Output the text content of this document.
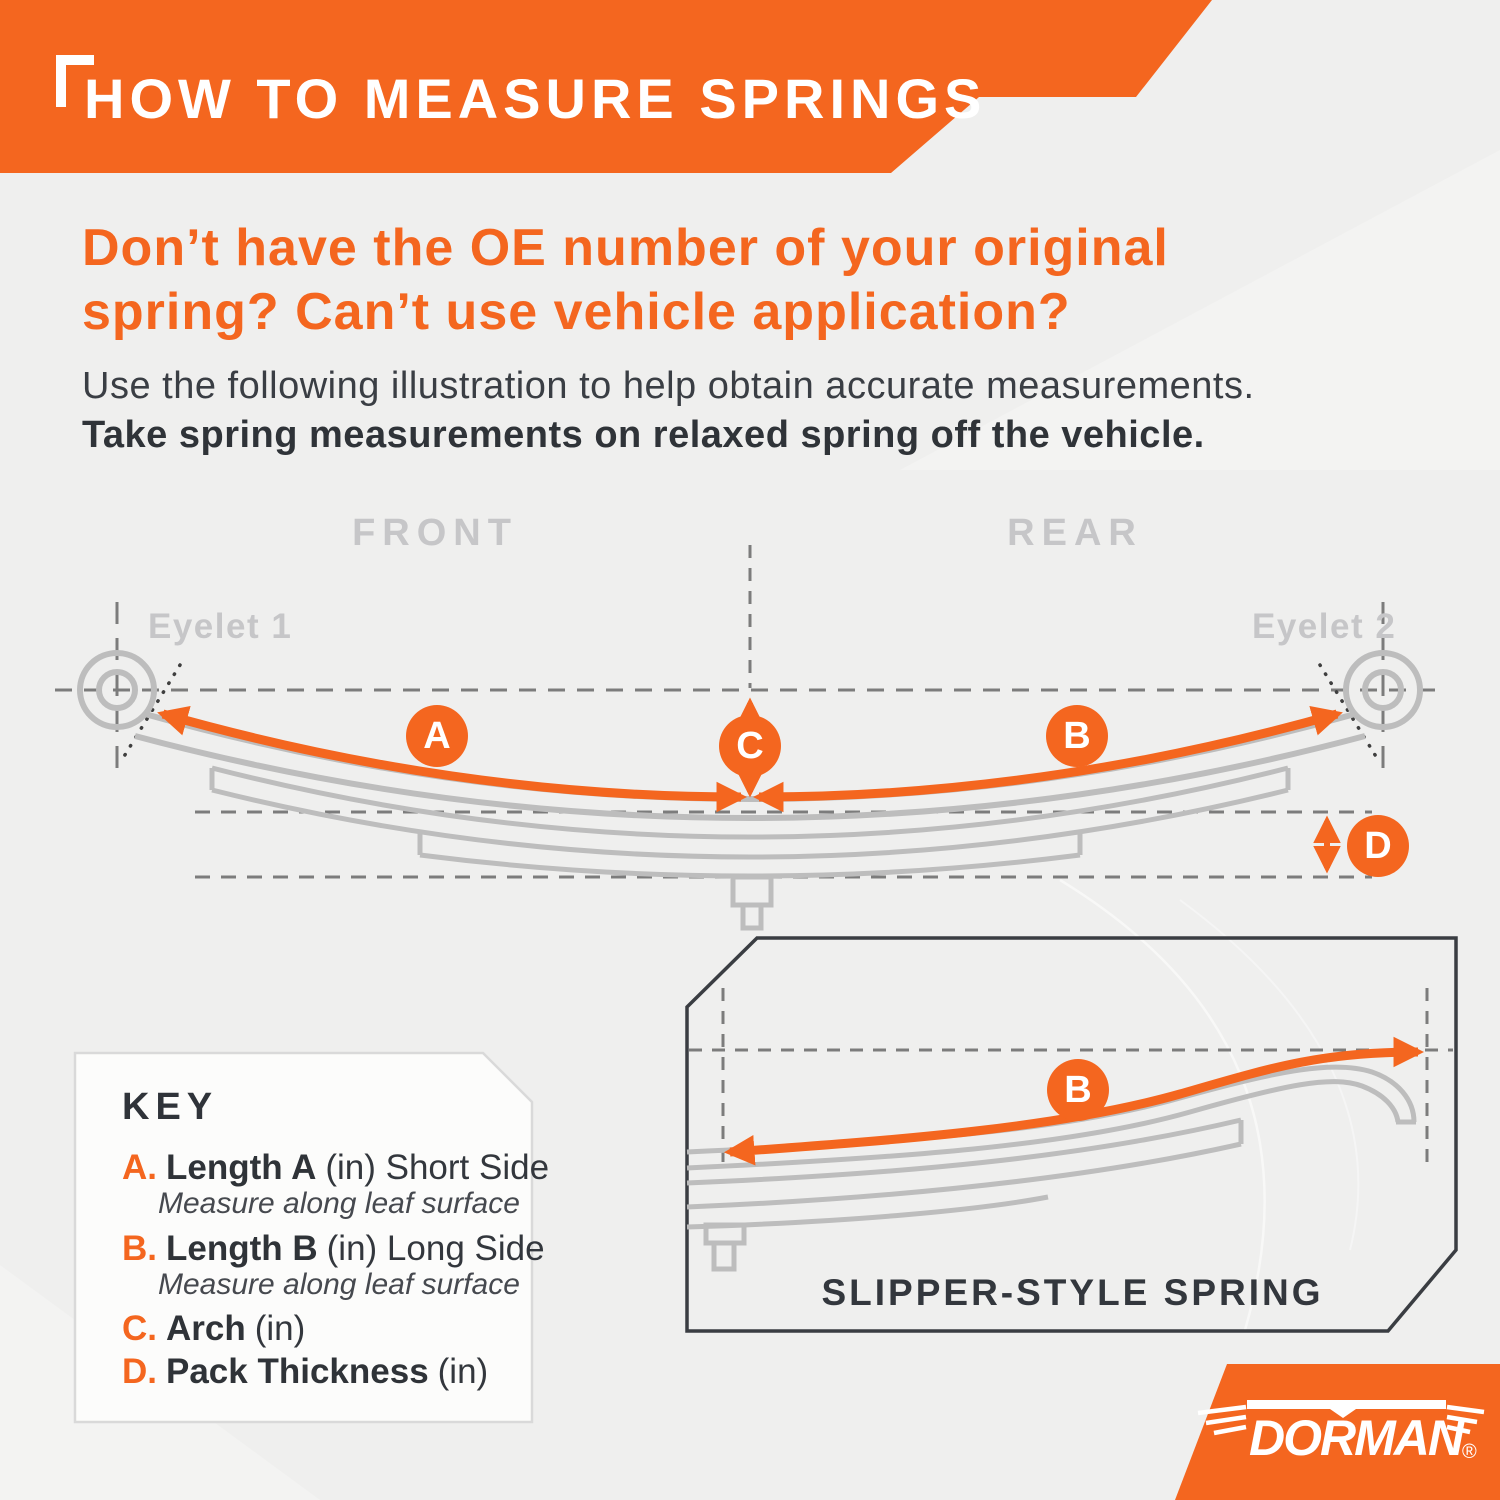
DORMAN ®
HOW TO MEASURE SPRINGS
Don’t have the OE number of your original
spring? Can’t use vehicle application?
Use the following illustration to help obtain accurate measurements.
Take spring measurements on relaxed spring off the vehicle.
FRONT	REAR
Eyelet 1	Eyelet 2
A	C	B
D
B
KEY
A. Length A (in) Short Side
Measure along leaf surface
B. Length B (in) Long Side
Measure along leaf surface
C. Arch (in)
D. Pack Thickness (in)
SLIPPER-STYLE SPRING
